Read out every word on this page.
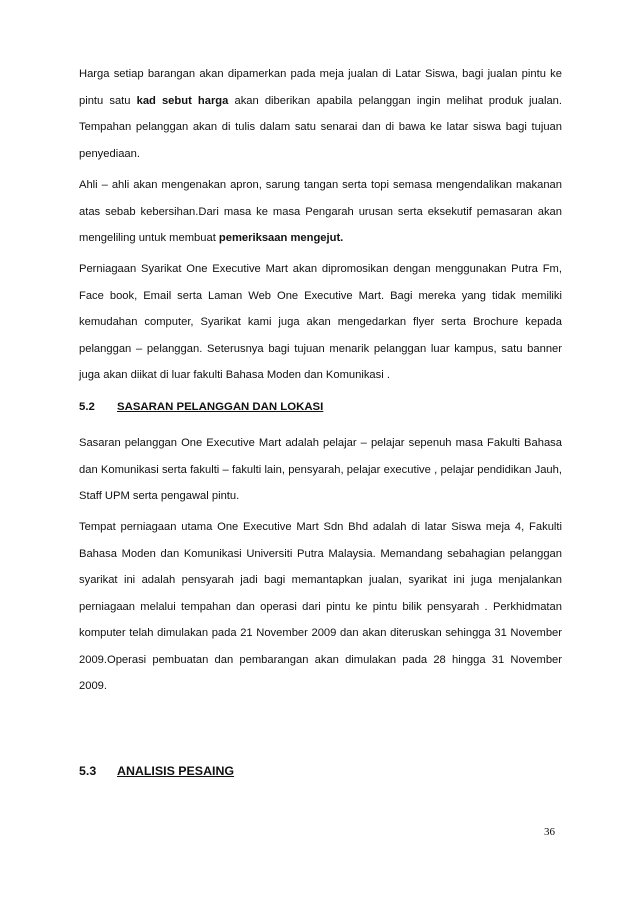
Harga setiap barangan akan dipamerkan pada meja jualan di Latar Siswa, bagi jualan pintu ke pintu satu kad sebut harga akan diberikan apabila pelanggan ingin melihat produk jualan. Tempahan pelanggan akan di tulis dalam satu senarai dan di bawa ke latar siswa bagi tujuan penyediaan.

Ahli – ahli akan mengenakan apron, sarung tangan serta topi semasa mengendalikan makanan atas sebab kebersihan.Dari masa ke masa Pengarah urusan serta eksekutif pemasaran akan mengeliling untuk membuat pemeriksaan mengejut.

Perniagaan Syarikat One Executive Mart akan dipromosikan dengan menggunakan Putra Fm, Face book, Email serta Laman Web One Executive Mart. Bagi mereka yang tidak memiliki kemudahan computer, Syarikat kami juga akan mengedarkan flyer serta Brochure kepada pelanggan – pelanggan. Seterusnya bagi tujuan menarik pelanggan luar kampus, satu banner juga akan diikat di luar fakulti Bahasa Moden dan Komunikasi .

5.2 SASARAN PELANGGAN DAN LOKASI

Sasaran pelanggan One Executive Mart adalah pelajar – pelajar sepenuh masa Fakulti Bahasa dan Komunikasi serta fakulti – fakulti lain, pensyarah, pelajar executive , pelajar pendidikan Jauh, Staff UPM serta pengawal pintu.

Tempat perniagaan utama One Executive Mart Sdn Bhd adalah di latar Siswa meja 4, Fakulti Bahasa Moden dan Komunikasi Universiti Putra Malaysia. Memandang sebahagian pelanggan syarikat ini adalah pensyarah jadi bagi memantapkan jualan, syarikat ini juga menjalankan perniagaan melalui tempahan dan operasi dari pintu ke pintu bilik pensyarah . Perkhidmatan komputer telah dimulakan pada 21 November 2009 dan akan diteruskan sehingga 31 November 2009.Operasi pembuatan dan pembarangan akan dimulakan pada 28 hingga 31 November 2009.

5.3 ANALISIS PESAING

36
